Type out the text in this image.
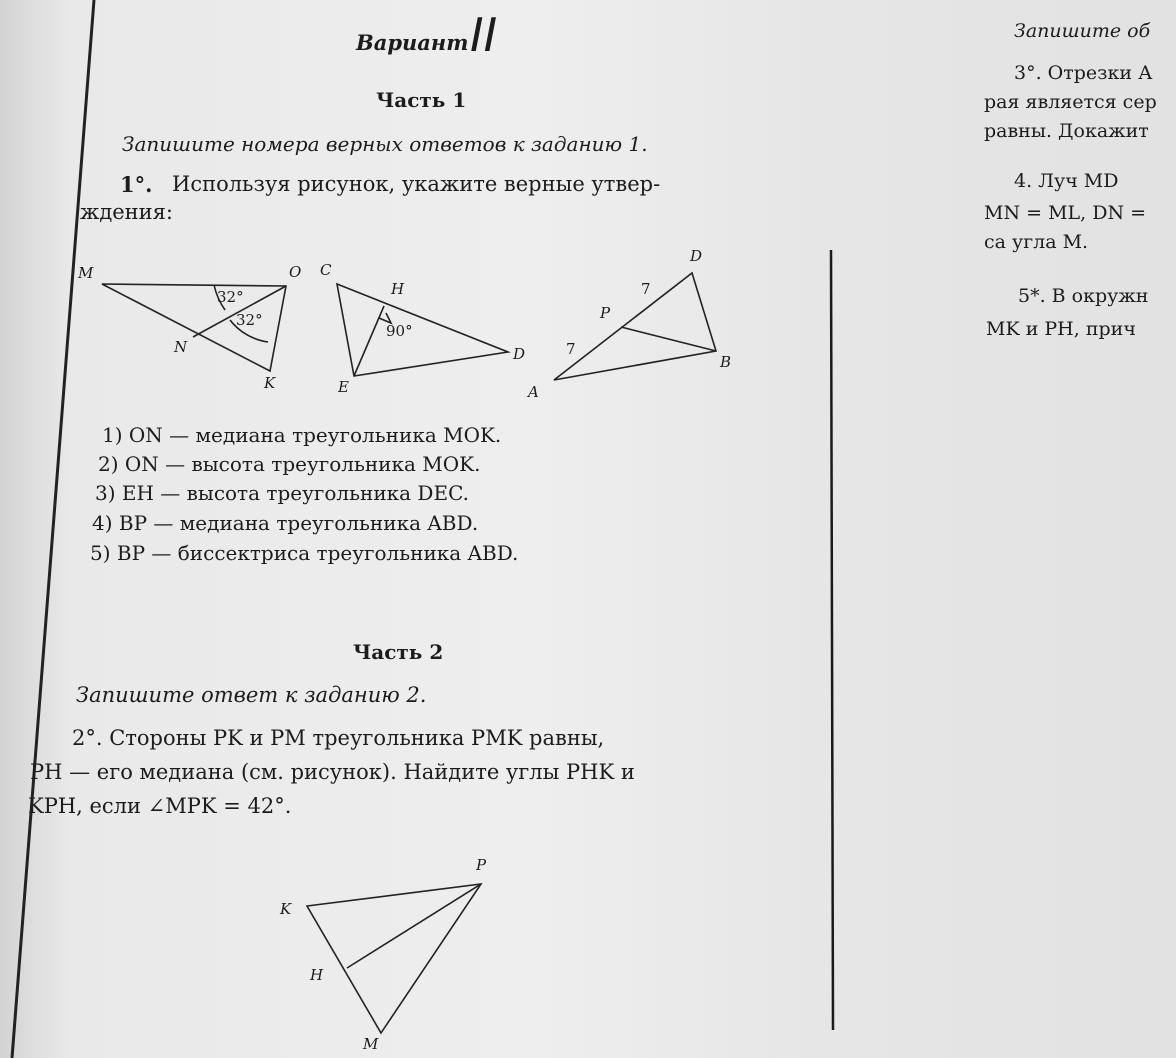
Вариант II
Часть 1
Запишите номера верных ответов к заданию 1.
1°. Используя рисунок, укажите верные утвер-
ждения:
M	O
N
K
32°
32°
C
H
E
D
90°
D
P
A
B
7
7
1) ON — медиана треугольника MOK.
2) ON — высота треугольника MOK.
3) EH — высота треугольника DEC.
4) BP — медиана треугольника ABD.
5) BP — биссектриса треугольника ABD.
Часть 2
Запишите ответ к заданию 2.
2°. Стороны PK и PM треугольника PMK равны,
PH — его медиана (см. рисунок). Найдите углы PHK и
KPH, если ∠MPK = 42°.
P
K
H
M
Запишите об
3°. Отрезки А
рая является сер
равны. Докажит
4. Луч MD
MN = ML, DN =
са угла M.
5*. В окружн
MK и PH, прич
